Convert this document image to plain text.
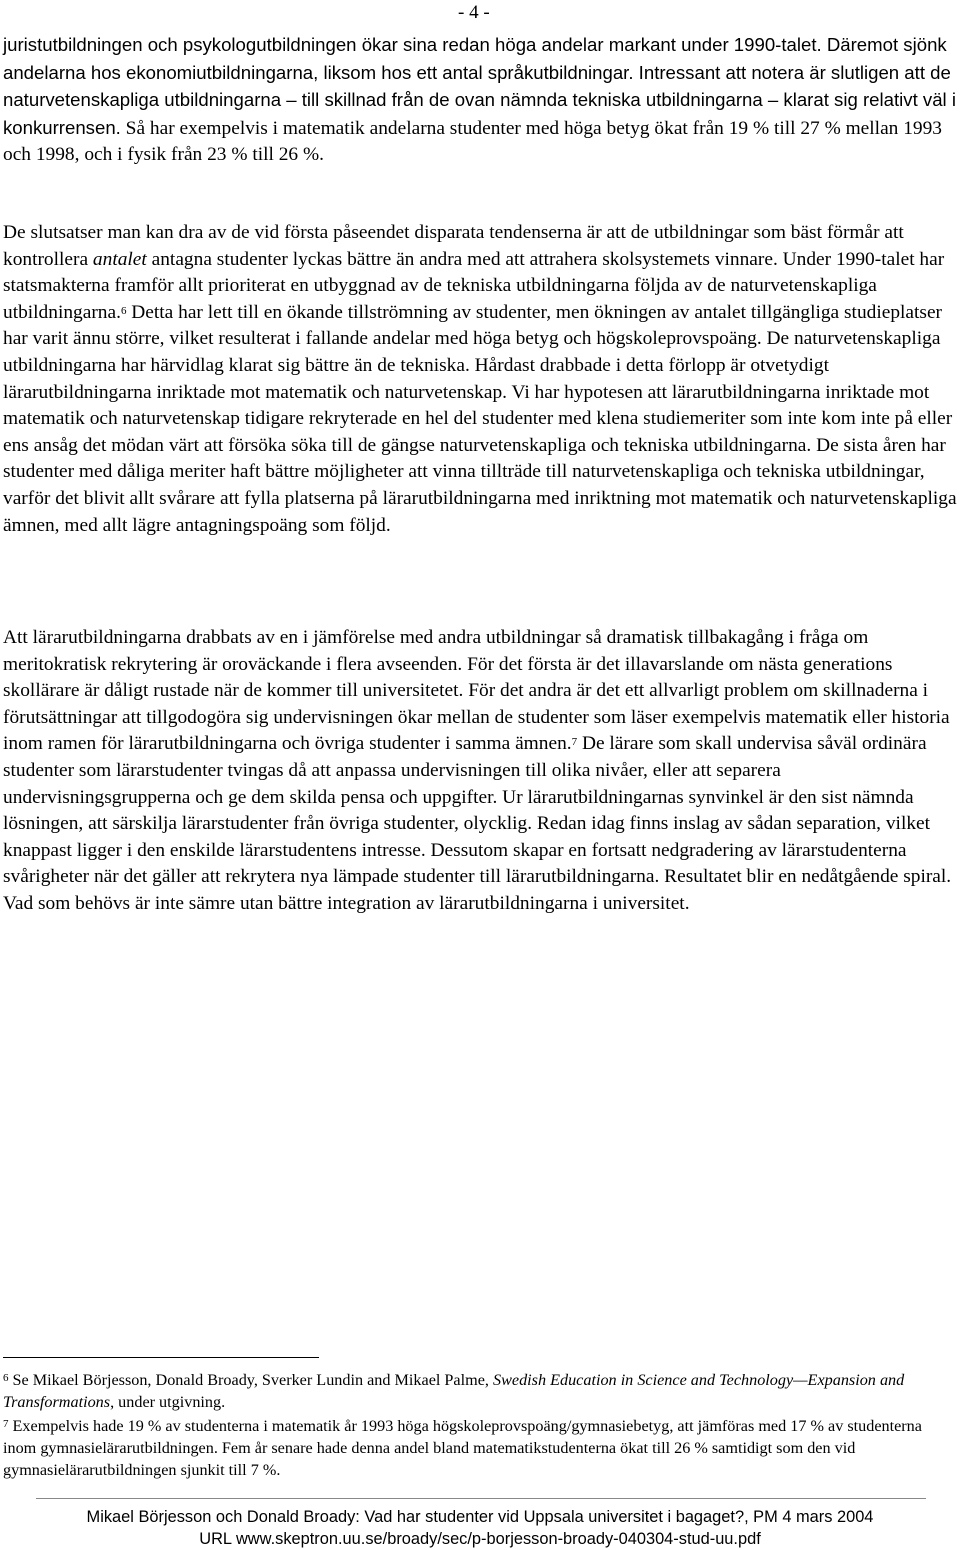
- 4 -

juristutbildningen och psykologutbildningen ökar sina redan höga andelar markant under 1990-talet. Däremot sjönk andelarna hos ekonomiutbildningarna, liksom hos ett antal språkutbildningar. Intressant att notera är slutligen att de naturvetenskapliga utbildningarna – till skillnad från de ovan nämnda tekniska utbildningarna – klarat sig relativt väl i konkurrensen. Så har exempelvis i matematik andelarna studenter med höga betyg ökat från 19 % till 27 % mellan 1993 och 1998, och i fysik från 23 % till 26 %.

De slutsatser man kan dra av de vid första påseendet disparata tendenserna är att de utbildningar som bäst förmår att kontrollera antalet antagna studenter lyckas bättre än andra med att attrahera skolsystemets vinnare. Under 1990-talet har statsmakterna framför allt prioriterat en utbyggnad av de tekniska utbildningarna följda av de naturvetenskapliga utbildningarna.$^6$ Detta har lett till en ökande tillströmning av studenter, men ökningen av antalet tillgängliga studieplatser har varit ännu större, vilket resulterat i fallande andelar med höga betyg och högskoleprovspoäng. De naturvetenskapliga utbildningarna har härvidlag klarat sig bättre än de tekniska. Hårdast drabbade i detta förlopp är otvetydigt lärarutbildningarna inriktade mot matematik och naturvetenskap. Vi har hypotesen att lärarutbildningarna inriktade mot matematik och naturvetenskap tidigare rekryterade en hel del studenter med klena studiemeriter som inte kom inte på eller ens ansåg det mödan värt att försöka söka till de gängse naturvetenskapliga och tekniska utbildningarna. De sista åren har studenter med dåliga meriter haft bättre möjligheter att vinna tillträde till naturvetenskapliga och tekniska utbildningar, varför det blivit allt svårare att fylla platserna på lärarutbildningarna med inriktning mot matematik och naturvetenskapliga ämnen, med allt lägre antagningspoäng som följd.

Att lärarutbildningarna drabbats av en i jämförelse med andra utbildningar så dramatisk tillbakagång i fråga om meritokratisk rekrytering är oroväckande i flera avseenden. För det första är det illavarslande om nästa generations skollärare är dåligt rustade när de kommer till universitetet. För det andra är det ett allvarligt problem om skillnaderna i förutsättningar att tillgodogöra sig undervisningen ökar mellan de studenter som läser exempelvis matematik eller historia inom ramen för lärarutbildningarna och övriga studenter i samma ämnen.$^7$ De lärare som skall undervisa såväl ordinära studenter som lärarstudenter tvingas då att anpassa undervisningen till olika nivåer, eller att separera undervisningsgrupperna och ge dem skilda pensa och uppgifter. Ur lärarutbildningarnas synvinkel är den sist nämnda lösningen, att särskilja lärarstudenter från övriga studenter, olycklig. Redan idag finns inslag av sådan separation, vilket knappast ligger i den enskilde lärarstudentens intresse. Dessutom skapar en fortsatt nedgradering av lärarstudenterna svårigheter när det gäller att rekrytera nya lämpade studenter till lärarutbildningarna. Resultatet blir en nedåtgående spiral. Vad som behövs är inte sämre utan bättre integration av lärarutbildningarna i universitet.

$^6$ Se Mikael Börjesson, Donald Broady, Sverker Lundin and Mikael Palme, Swedish Education in Science and Technology—Expansion and Transformations, under utgivning.

$^7$ Exempelvis hade 19 % av studenterna i matematik år 1993 höga högskoleprovspoäng/gymnasiebetyg, att jämföras med 17 % av studenterna inom gymnasielärarutbildningen. Fem år senare hade denna andel bland matematikstudenterna ökat till 26 % samtidigt som den vid gymnasielärarutbildningen sjunkit till 7 %.

Mikael Börjesson och Donald Broady: Vad har studenter vid Uppsala universitet i bagaget?, PM 4 mars 2004
URL www.skeptron.uu.se/broady/sec/p-borjesson-broady-040304-stud-uu.pdf
